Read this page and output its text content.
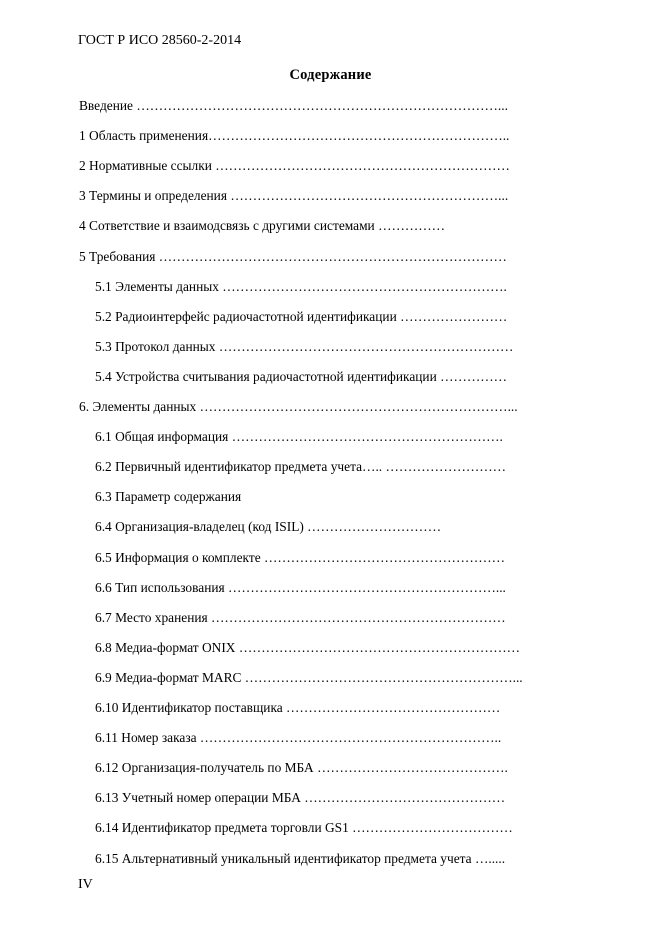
ГОСТ Р ИСО 28560-2-2014
Содержание
Введение ………………………………………………………………………...
1 Область применения…………………………………………………………..
2 Нормативные ссылки …………………………………………………………
3 Термины и определения ……………………………………………………...
4 Сответствие и взаимодсвязь с другими системами ……………
5 Требования ……………………………………………………………………
5.1 Элементы данных ……………………………………………………….
5.2 Радиоинтерфейс радиочастотной идентификации ……………………
5.3 Протокол данных …………………………………………………………
5.4 Устройства считывания радиочастотной идентификации ……………
6. Элементы данных ……………………………………………………………...
6.1 Общая информация …………………………………………………….
6.2 Первичный идентификатор предмета учета….. ………………………
6.3 Параметр содержания
6.4 Организация-владелец (код ISIL) …………………………
6.5 Информация о комплекте ………………………………………………
6.6 Тип использования ……………………………………………………...
6.7 Место хранения …………………………………………………………
6.8 Медиа-формат ONIX ………………………………………………………
6.9 Медиа-формат MARC ……………………………………………………...
6.10 Идентификатор поставщика …………………………………………
6.11 Номер заказа …………………………………………………………..
6.12 Организация-получатель по МБА …………………………………….
6.13 Учетный номер операции МБА ………………………………………
6.14 Идентификатор предмета торговли GS1 ………………………………
6.15 Альтернативный уникальный идентификатор предмета учета ….....
IV
